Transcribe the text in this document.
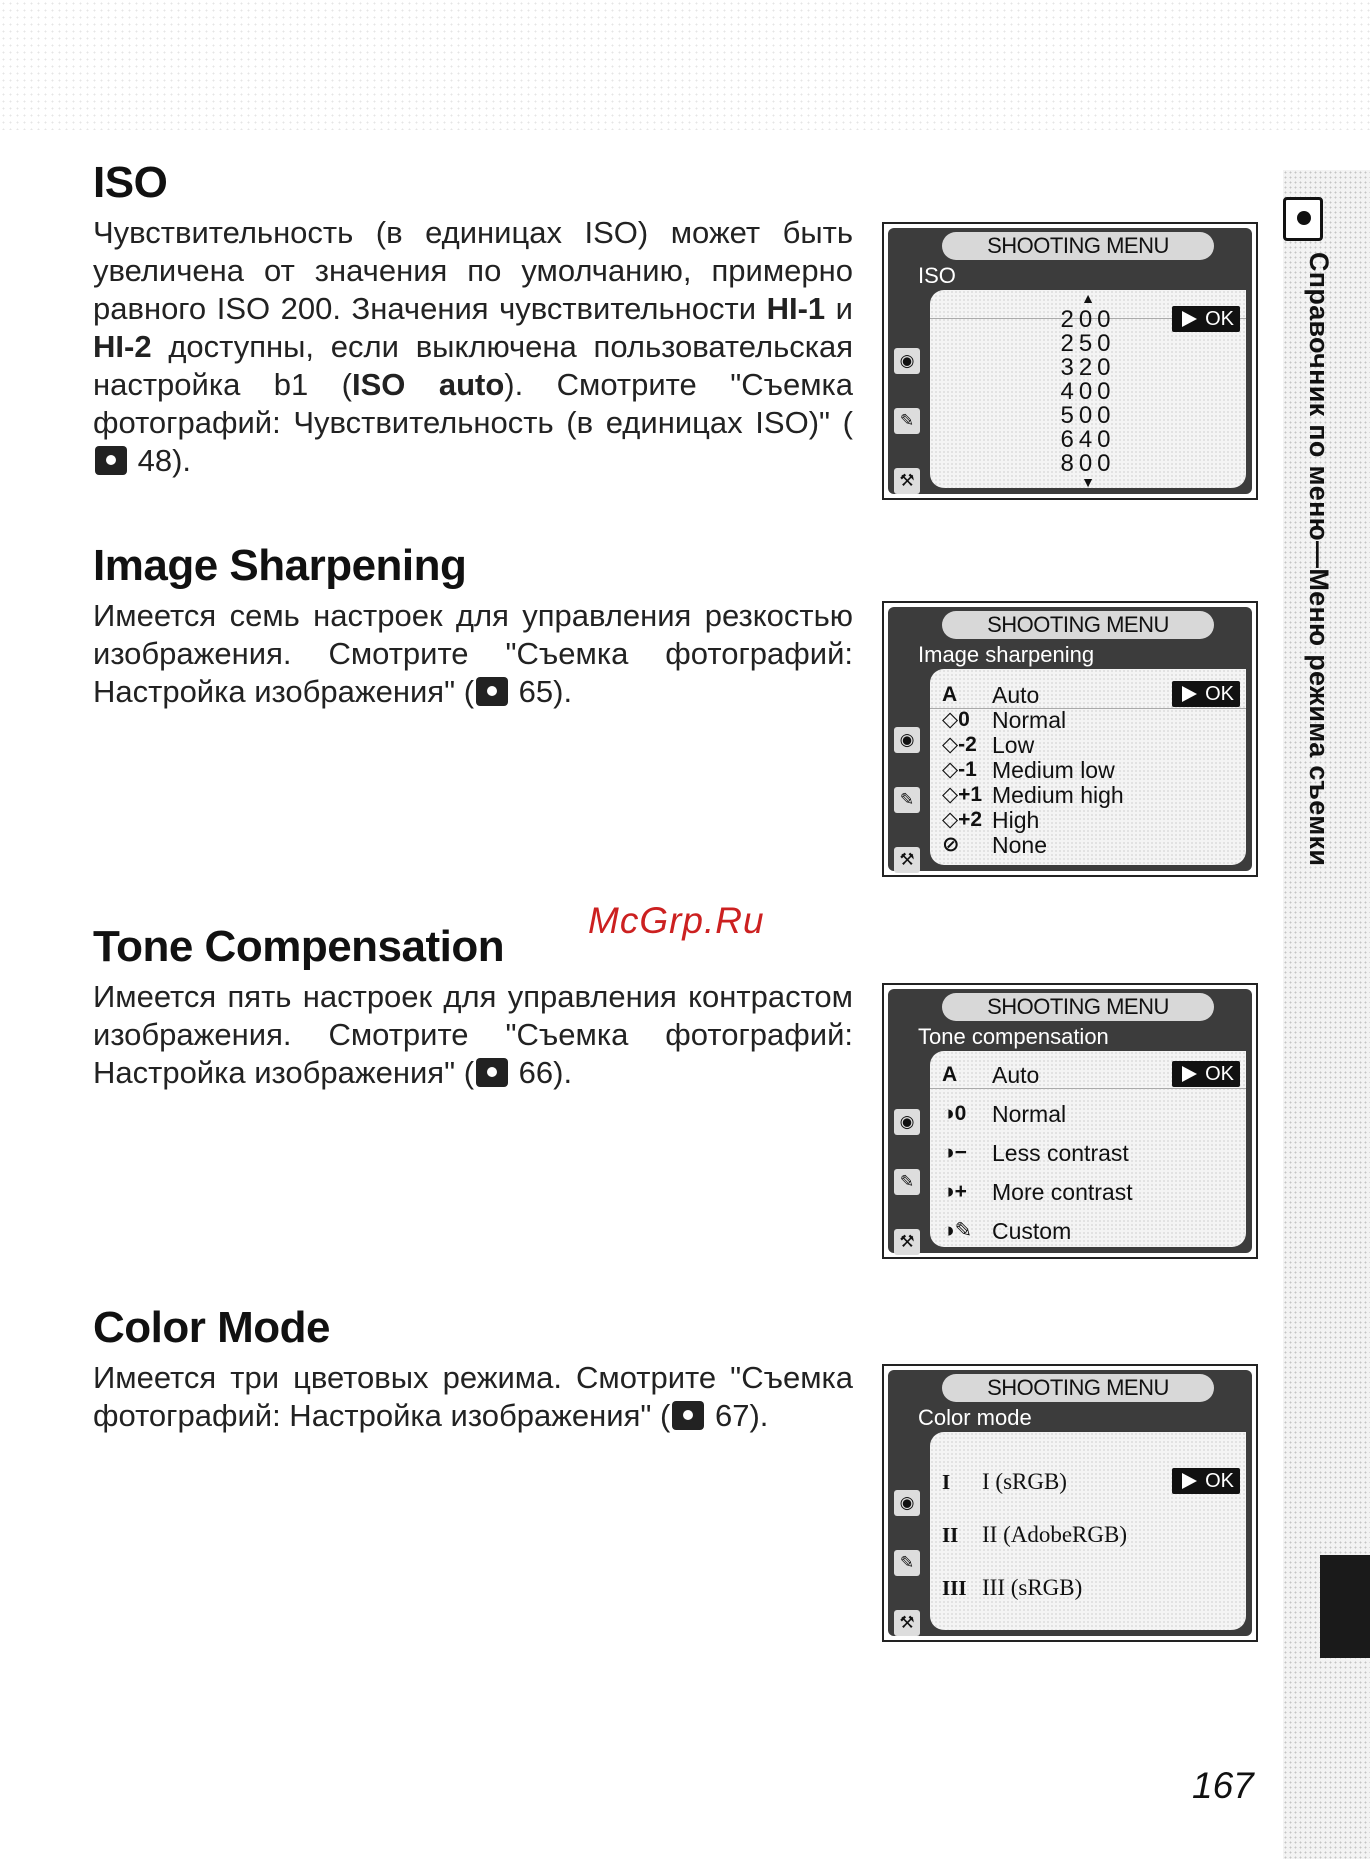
Справочник по меню—Меню режима съемки
ISO

Чувствительность (в единицах ISO) может быть увеличена от значения по умолчанию, примерно равного ISO 200. Значения чувствительности HI-1 и HI-2 доступны, если выключена пользовательская настройка b1 (ISO auto). Смотрите "Съемка фотографий: Чувствительность (в единицах ISO)" ( 48).

Image Sharpening

Имеется семь настроек для управления резкостью изображения. Смотрите "Съемка фотографий: Настройка изображения" ( 65).

Tone Compensation

Имеется пять настроек для управления контрастом изображения. Смотрите "Съемка фотографий: Настройка изображения" ( 66).

McGrp.Ru
Color Mode

Имеется три цветовых режима. Смотрите "Съемка фотографий: Настройка изображения" ( 67).

SHOOTING MENU
◉
✎
⚒
ISO
▲
200	OK
250
320
400
500
640
800
▼
SHOOTING MENU
◉
✎
⚒
Image sharpening
A	Auto	OK
◇0 Normal
◇-2 Low
◇-1 Medium low
◇+1 Medium high
◇+2 High
⊘	None
SHOOTING MENU
◉
✎
⚒
Tone compensation
A	Auto	OK
◑0	Normal
◑−	Less contrast
◑+	More contrast
◑✎ Custom
SHOOTING MENU
◉
✎
⚒
Color mode
I	I (sRGB)	OK
II	II (AdobeRGB)
III III (sRGB)
167
